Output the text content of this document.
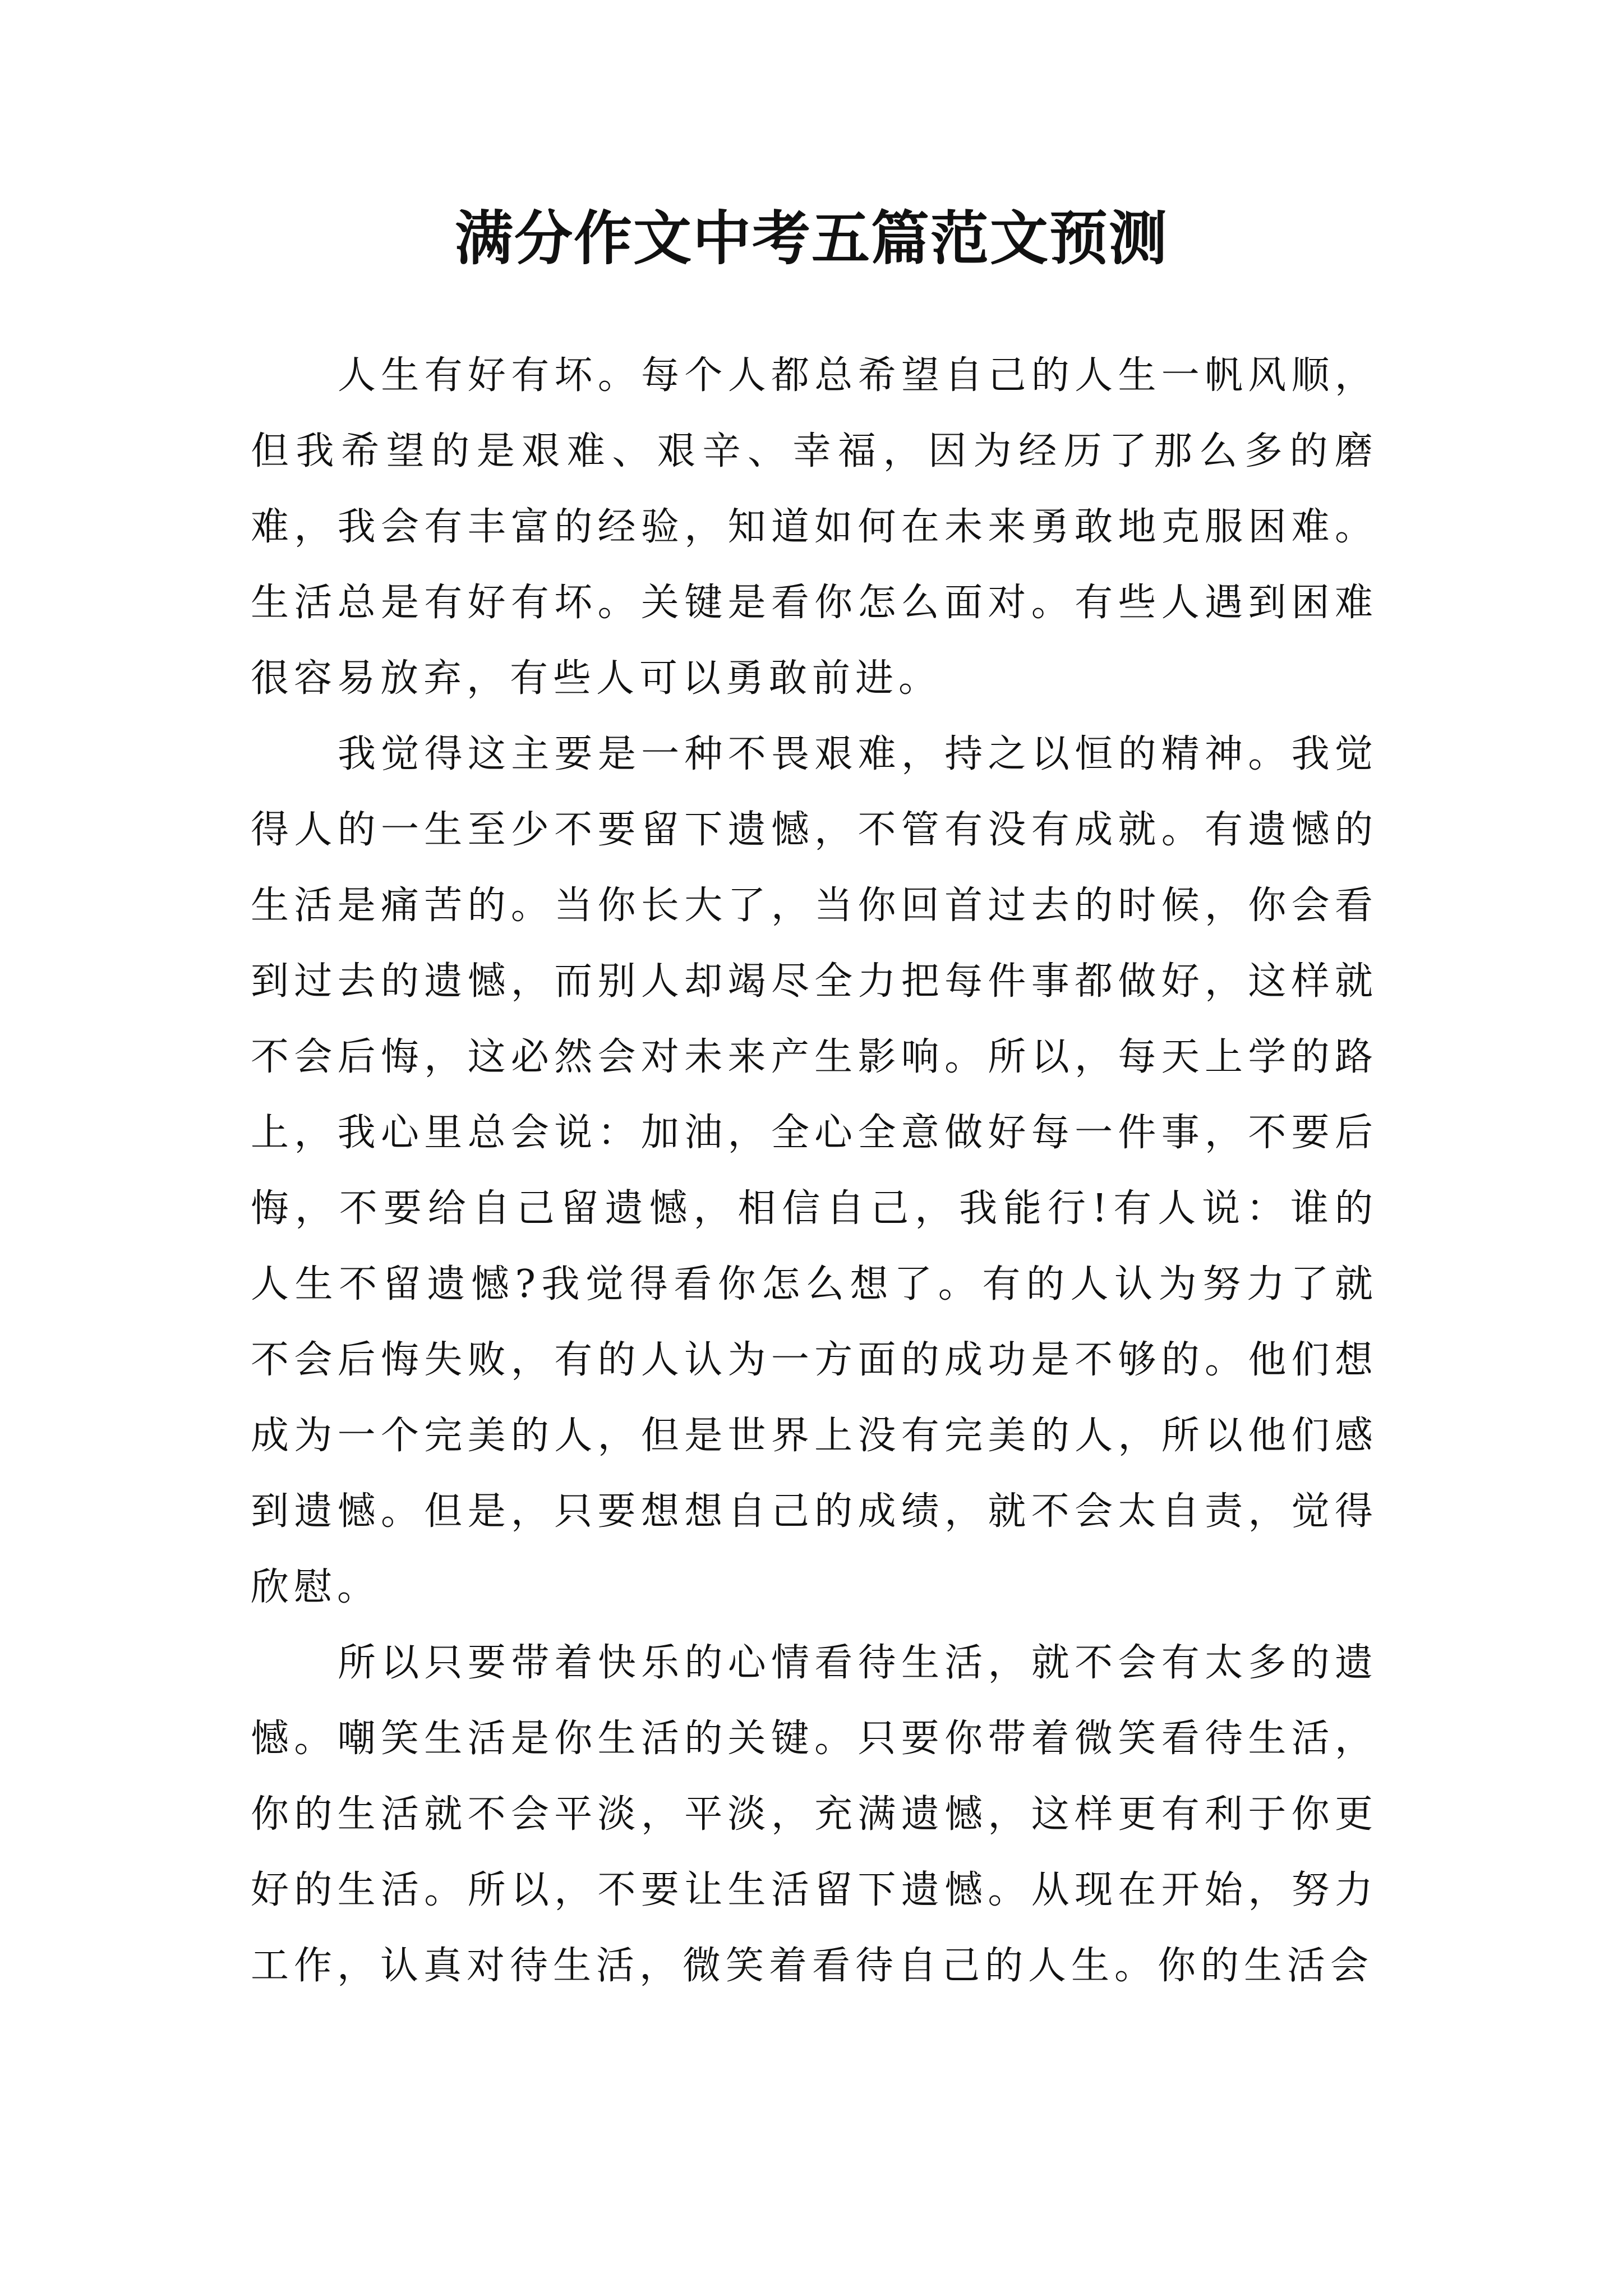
满分作文中考五篇范文预测

人生有好有坏。每个人都总希望自己的人生一帆风顺，但我希望的是艰难、艰辛、幸福，因为经历了那么多的磨难，我会有丰富的经验，知道如何在未来勇敢地克服困难。生活总是有好有坏。关键是看你怎么面对。有些人遇到困难很容易放弃，有些人可以勇敢前进。

我觉得这主要是一种不畏艰难，持之以恒的精神。我觉得人的一生至少不要留下遗憾，不管有没有成就。有遗憾的生活是痛苦的。当你长大了，当你回首过去的时候，你会看到过去的遗憾，而别人却竭尽全力把每件事都做好，这样就不会后悔，这必然会对未来产生影响。所以，每天上学的路上，我心里总会说：加油，全心全意做好每一件事，不要后悔，不要给自己留遗憾，相信自己，我能行!有人说：谁的人生不留遗憾?我觉得看你怎么想了。有的人认为努力了就不会后悔失败，有的人认为一方面的成功是不够的。他们想成为一个完美的人，但是世界上没有完美的人，所以他们感到遗憾。但是，只要想想自己的成绩，就不会太自责，觉得欣慰。

所以只要带着快乐的心情看待生活，就不会有太多的遗憾。嘲笑生活是你生活的关键。只要你带着微笑看待生活，你的生活就不会平淡，平淡，充满遗憾，这样更有利于你更好的生活。所以，不要让生活留下遗憾。从现在开始，努力工作，认真对待生活，微笑着看待自己的人生。你的生活会
